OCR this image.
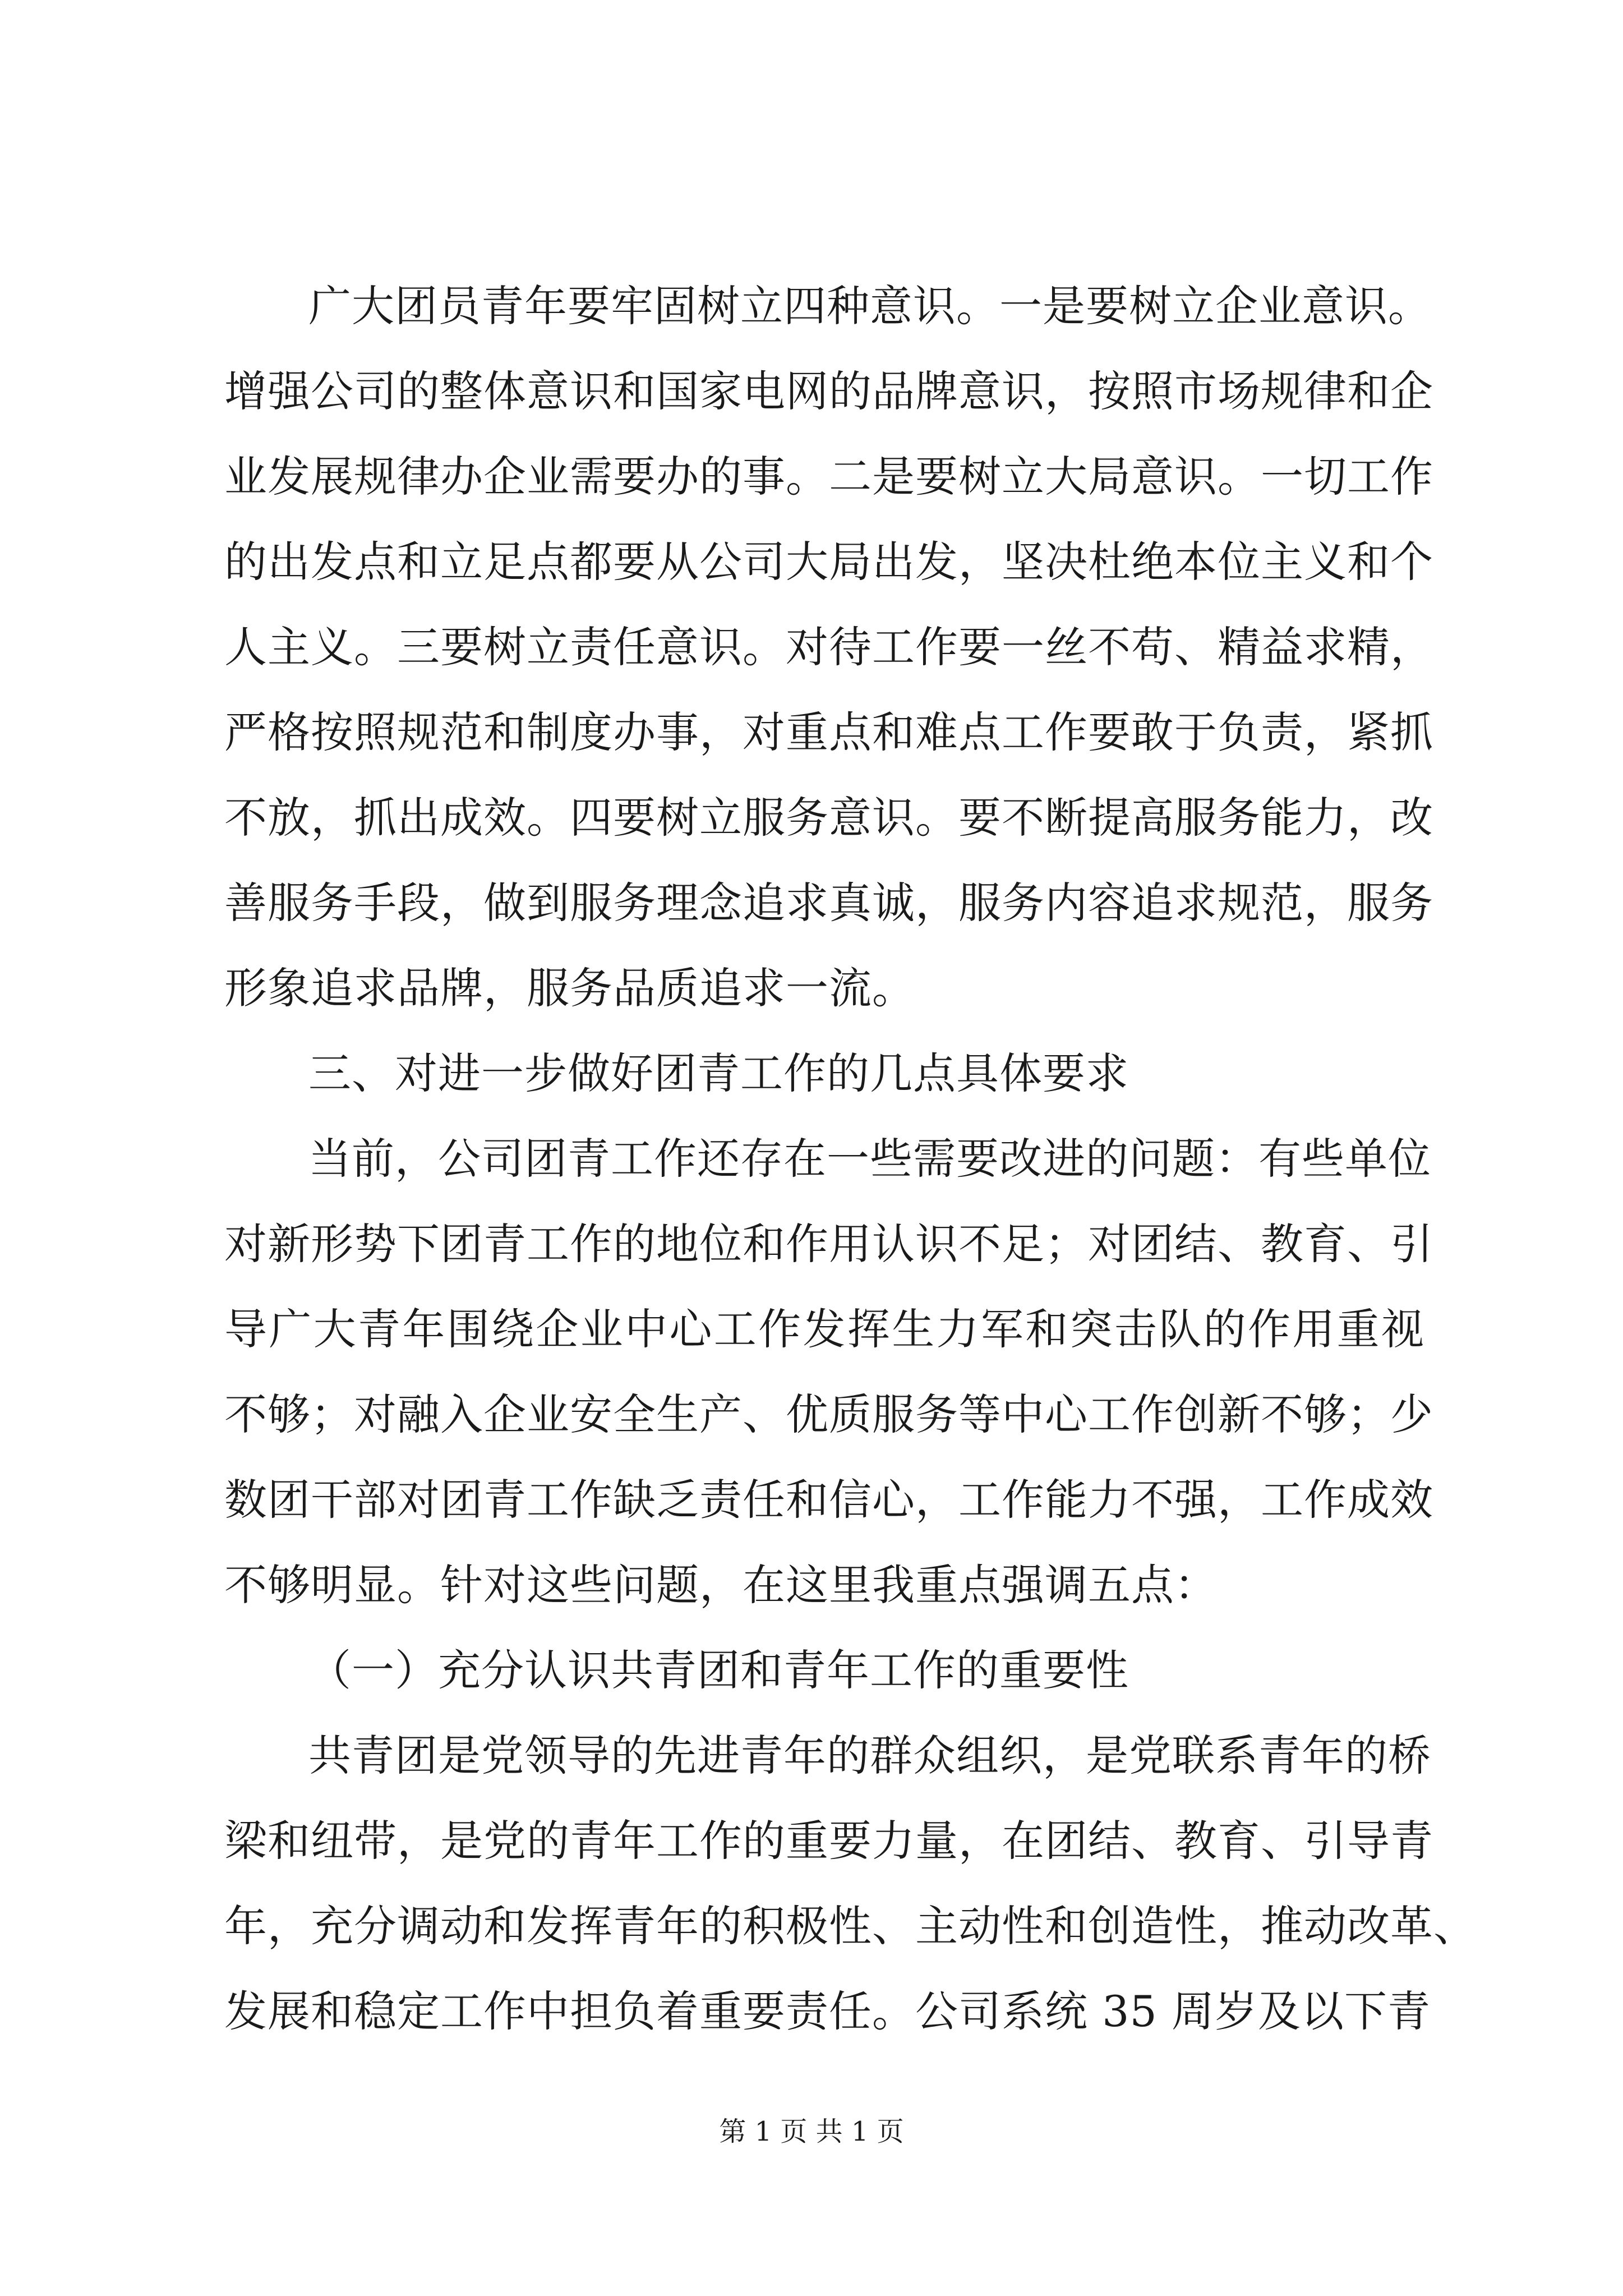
广大团员青年要牢固树立四种意识。一是要树立企业意识。
增强公司的整体意识和国家电网的品牌意识，按照市场规律和企
业发展规律办企业需要办的事。二是要树立大局意识。一切工作
的出发点和立足点都要从公司大局出发，坚决杜绝本位主义和个
人主义。三要树立责任意识。对待工作要一丝不苟、精益求精，
严格按照规范和制度办事，对重点和难点工作要敢于负责，紧抓
不放，抓出成效。四要树立服务意识。要不断提高服务能力，改
善服务手段，做到服务理念追求真诚，服务内容追求规范，服务
形象追求品牌，服务品质追求一流。
三、对进一步做好团青工作的几点具体要求
当前，公司团青工作还存在一些需要改进的问题：有些单位
对新形势下团青工作的地位和作用认识不足；对团结、教育、引
导广大青年围绕企业中心工作发挥生力军和突击队的作用重视
不够；对融入企业安全生产、优质服务等中心工作创新不够；少
数团干部对团青工作缺乏责任和信心，工作能力不强，工作成效
不够明显。针对这些问题，在这里我重点强调五点：
（一）充分认识共青团和青年工作的重要性
共青团是党领导的先进青年的群众组织，是党联系青年的桥
梁和纽带，是党的青年工作的重要力量，在团结、教育、引导青
年，充分调动和发挥青年的积极性、主动性和创造性，推动改革、
发展和稳定工作中担负着重要责任。公司系统 35 周岁及以下青
第 1 页 共 1 页
